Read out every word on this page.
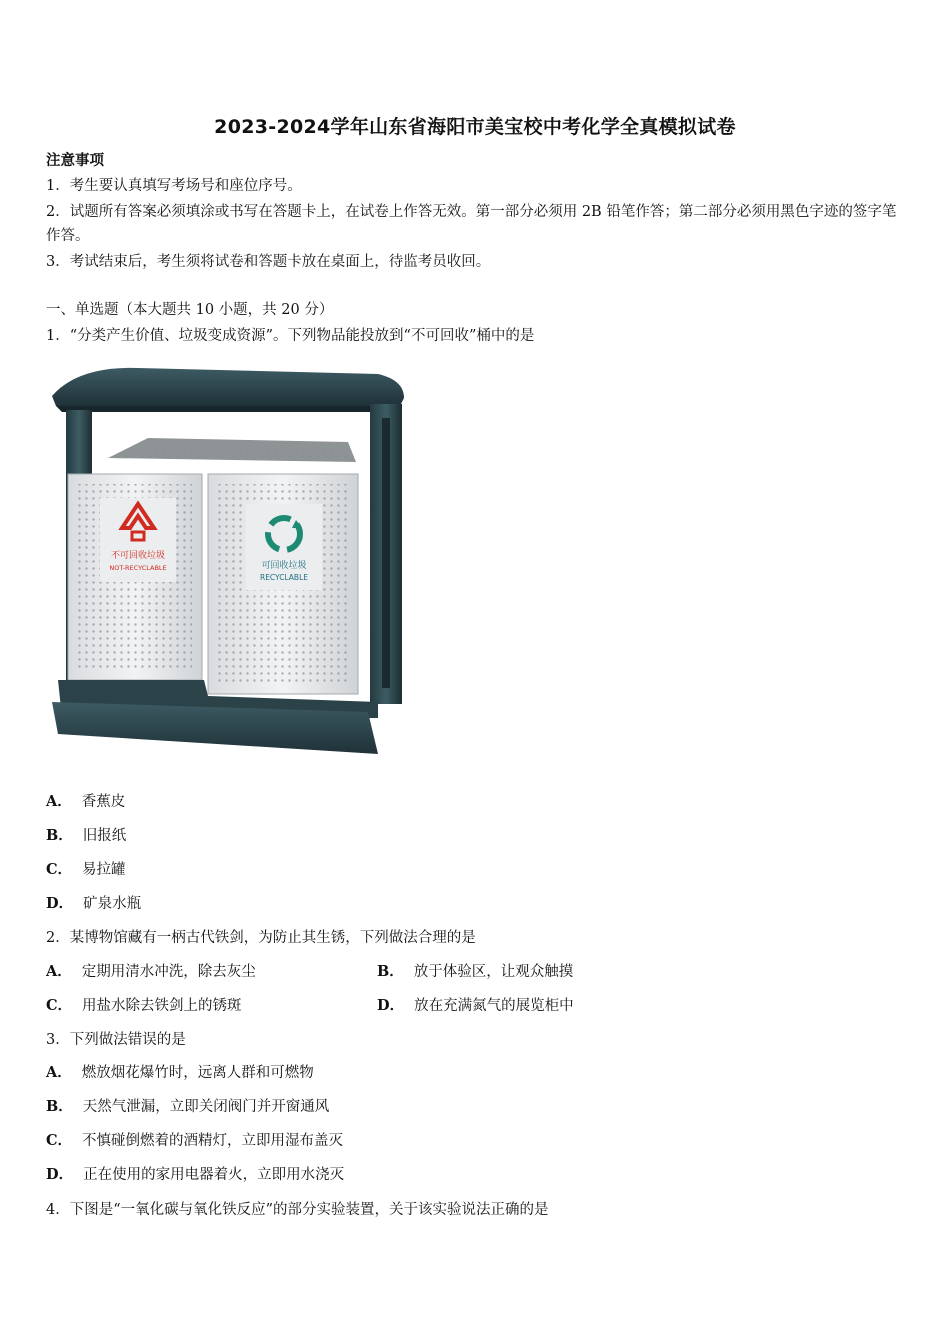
2023-2024学年山东省海阳市美宝校中考化学全真模拟试卷
注意事项
1．考生要认真填写考场号和座位序号。
2．试题所有答案必须填涂或书写在答题卡上，在试卷上作答无效。第一部分必须用 2B 铅笔作答；第二部分必须用黑色字迹的签字笔作答。
3．考试结束后，考生须将试卷和答题卡放在桌面上，待监考员收回。
一、单选题（本大题共 10 小题，共 20 分）
1．“分类产生价值、垃圾变成资源”。下列物品能投放到“不可回收”桶中的是
不可回收垃圾
NOT-RECYCLABLE	可回收垃圾
RECYCLABLE
A． 香蕉皮
B． 旧报纸
C． 易拉罐
D． 矿泉水瓶
2．某博物馆藏有一柄古代铁剑，为防止其生锈，下列做法合理的是
A． 定期用清水冲洗，除去灰尘	B． 放于体验区，让观众触摸
C． 用盐水除去铁剑上的锈斑	D． 放在充满氮气的展览柜中
3．下列做法错误的是
A． 燃放烟花爆竹时，远离人群和可燃物
B． 天然气泄漏，立即关闭阀门并开窗通风
C． 不慎碰倒燃着的酒精灯，立即用湿布盖灭
D． 正在使用的家用电器着火，立即用水浇灭
4．下图是“一氧化碳与氧化铁反应”的部分实验装置，关于该实验说法正确的是
